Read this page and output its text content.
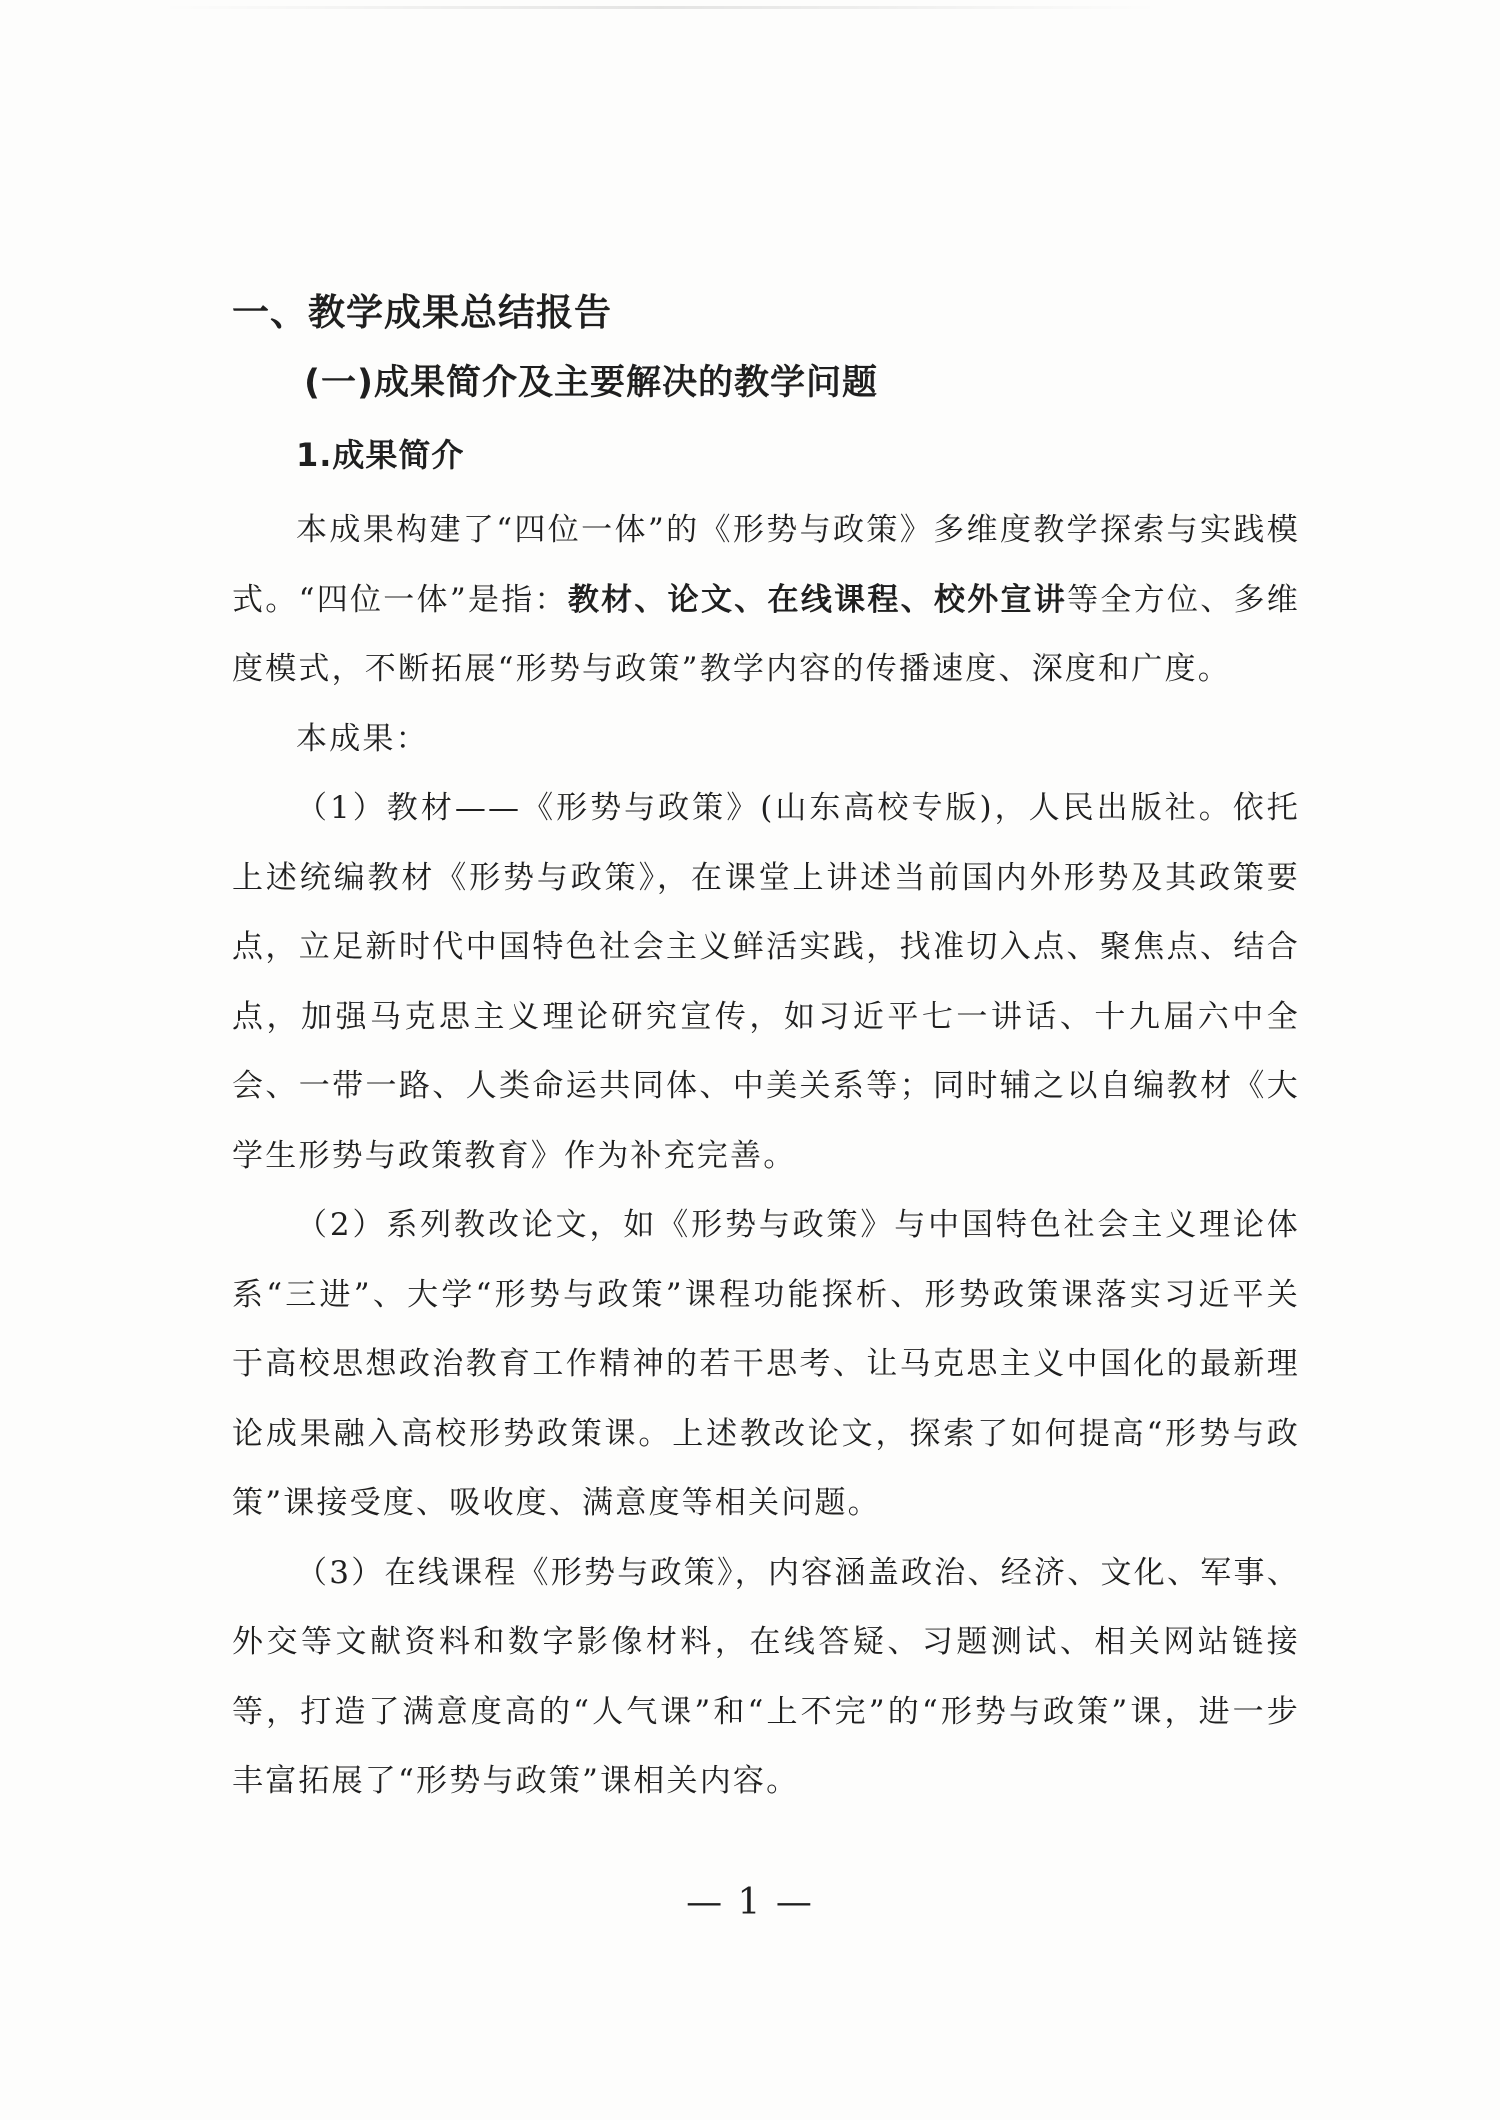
一、教学成果总结报告
(一)成果简介及主要解决的教学问题
1.成果简介

本成果构建了“四位一体”的《形势与政策》多维度教学探索与实践模式。“四位一体”是指：教材、论文、在线课程、校外宣讲等全方位、多维度模式，不断拓展“形势与政策”教学内容的传播速度、深度和广度。

本成果：

（1）教材——《形势与政策》(山东高校专版)，人民出版社。依托上述统编教材《形势与政策》，在课堂上讲述当前国内外形势及其政策要点，立足新时代中国特色社会主义鲜活实践，找准切入点、聚焦点、结合点，加强马克思主义理论研究宣传，如习近平七一讲话、十九届六中全会、一带一路、人类命运共同体、中美关系等；同时辅之以自编教材《大学生形势与政策教育》作为补充完善。

（2）系列教改论文，如《形势与政策》与中国特色社会主义理论体系“三进”、大学“形势与政策”课程功能探析、形势政策课落实习近平关于高校思想政治教育工作精神的若干思考、让马克思主义中国化的最新理论成果融入高校形势政策课。上述教改论文，探索了如何提高“形势与政策”课接受度、吸收度、满意度等相关问题。

（3）在线课程《形势与政策》，内容涵盖政治、经济、文化、军事、外交等文献资料和数字影像材料，在线答疑、习题测试、相关网站链接等，打造了满意度高的“人气课”和“上不完”的“形势与政策”课，进一步丰富拓展了“形势与政策”课相关内容。

— 1 —
